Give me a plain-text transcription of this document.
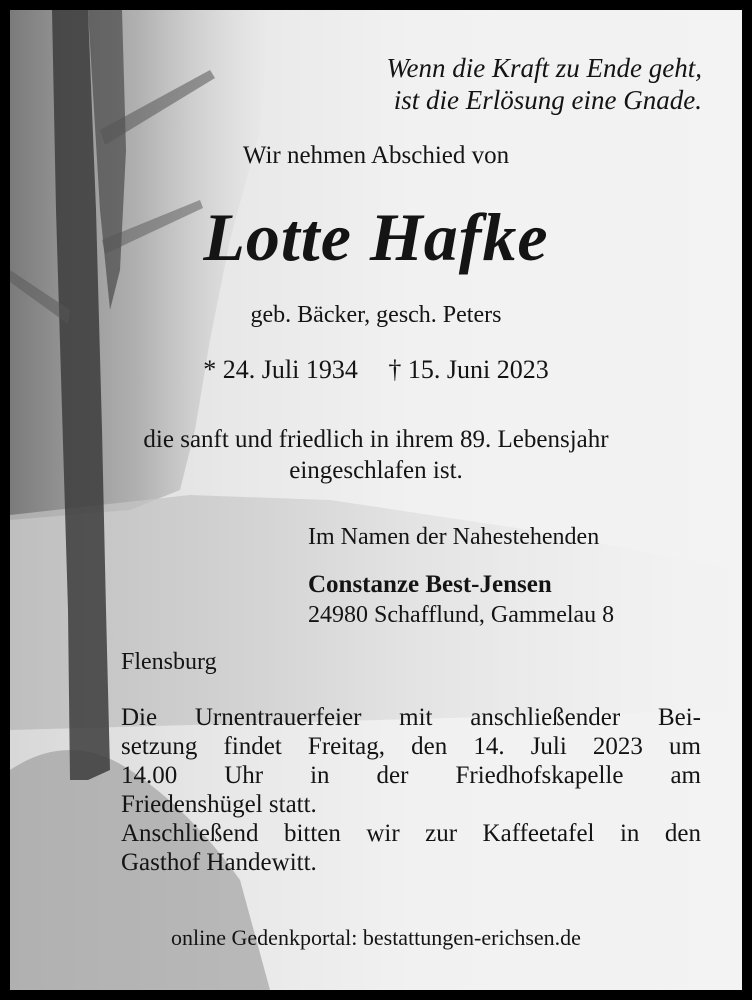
Wenn die Kraft zu Ende geht,
ist die Erlösung eine Gnade.
Wir nehmen Abschied von
Lotte Hafke
geb. Bäcker, gesch. Peters
* 24. Juli 1934 † 15. Juni 2023
die sanft und friedlich in ihrem 89. Lebensjahr
eingeschlafen ist.
Im Namen der Nahestehenden
Constanze Best-Jensen
24980 Schafflund, Gammelau 8
Flensburg
Die Urnentrauerfeier mit anschließender Bei-
setzung findet Freitag, den 14. Juli 2023 um
14.00 Uhr in der Friedhofskapelle am
Friedenshügel statt.
Anschließend bitten wir zur Kaffeetafel in den
Gasthof Handewitt.
online Gedenkportal: bestattungen-erichsen.de
